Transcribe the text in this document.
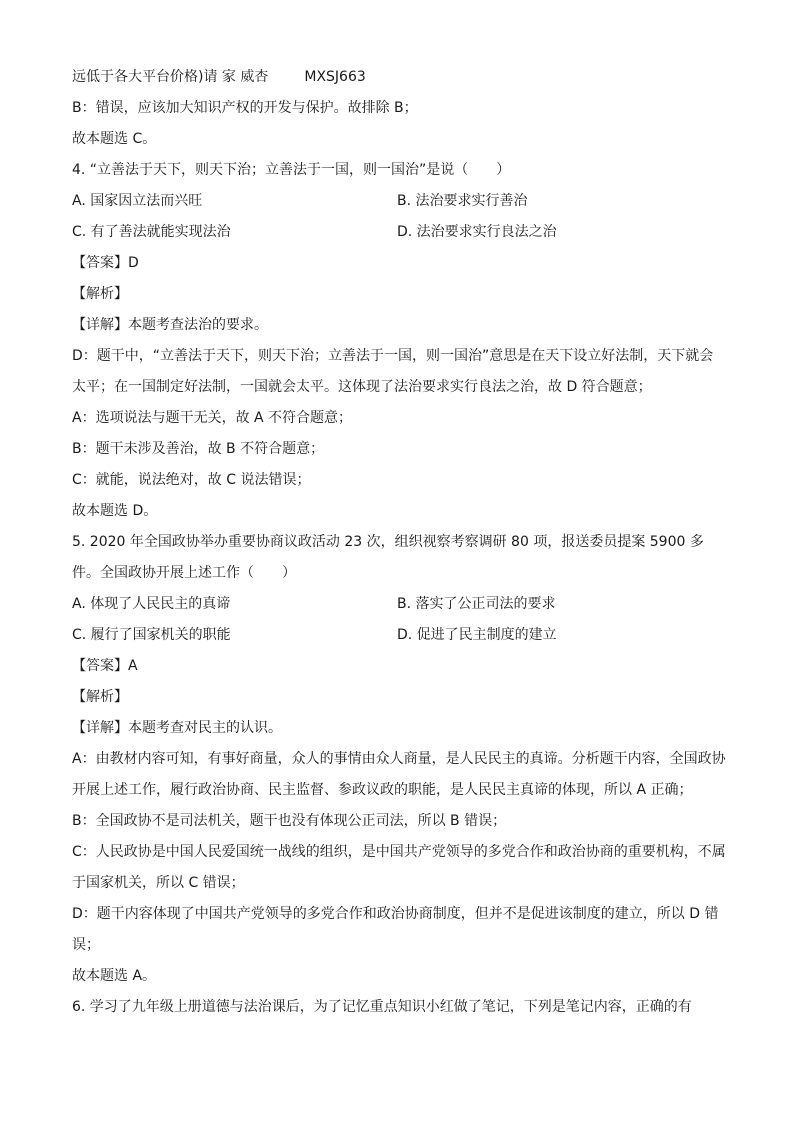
远低于各大平台价格)请 家 威杏	MXSJ663
B：错误，应该加大知识产权的开发与保护。故排除 B；
故本题选 C。
4. “立善法于天下，则天下治；立善法于一国，则一国治”是说（　　）
A. 国家因立法而兴旺	B. 法治要求实行善治
C. 有了善法就能实现法治	D. 法治要求实行良法之治
【答案】D
【解析】
【详解】本题考查法治的要求。
D：题干中，“立善法于天下，则天下治；立善法于一国，则一国治”意思是在天下设立好法制，天下就会太平；在一国制定好法制，一国就会太平。这体现了法治要求实行良法之治，故 D 符合题意；
A：选项说法与题干无关，故 A 不符合题意；
B：题干未涉及善治，故 B 不符合题意；
C：就能，说法绝对，故 C 说法错误；
故本题选 D。
5. 2020 年全国政协举办重要协商议政活动 23 次，组织视察考察调研 80 项，报送委员提案 5900 多件。全国政协开展上述工作（　　）
A. 体现了人民民主的真谛	B. 落实了公正司法的要求
C. 履行了国家机关的职能	D. 促进了民主制度的建立
【答案】A
【解析】
【详解】本题考查对民主的认识。
A：由教材内容可知，有事好商量，众人的事情由众人商量，是人民民主的真谛。分析题干内容，全国政协开展上述工作，履行政治协商、民主监督、参政议政的职能，是人民民主真谛的体现，所以 A 正确；
B：全国政协不是司法机关，题干也没有体现公正司法，所以 B 错误；
C：人民政协是中国人民爱国统一战线的组织，是中国共产党领导的多党合作和政治协商的重要机构，不属于国家机关，所以 C 错误；
D：题干内容体现了中国共产党领导的多党合作和政治协商制度，但并不是促进该制度的建立，所以 D 错误；
故本题选 A。
6. 学习了九年级上册道德与法治课后，为了记忆重点知识小红做了笔记，下列是笔记内容，正确的有
